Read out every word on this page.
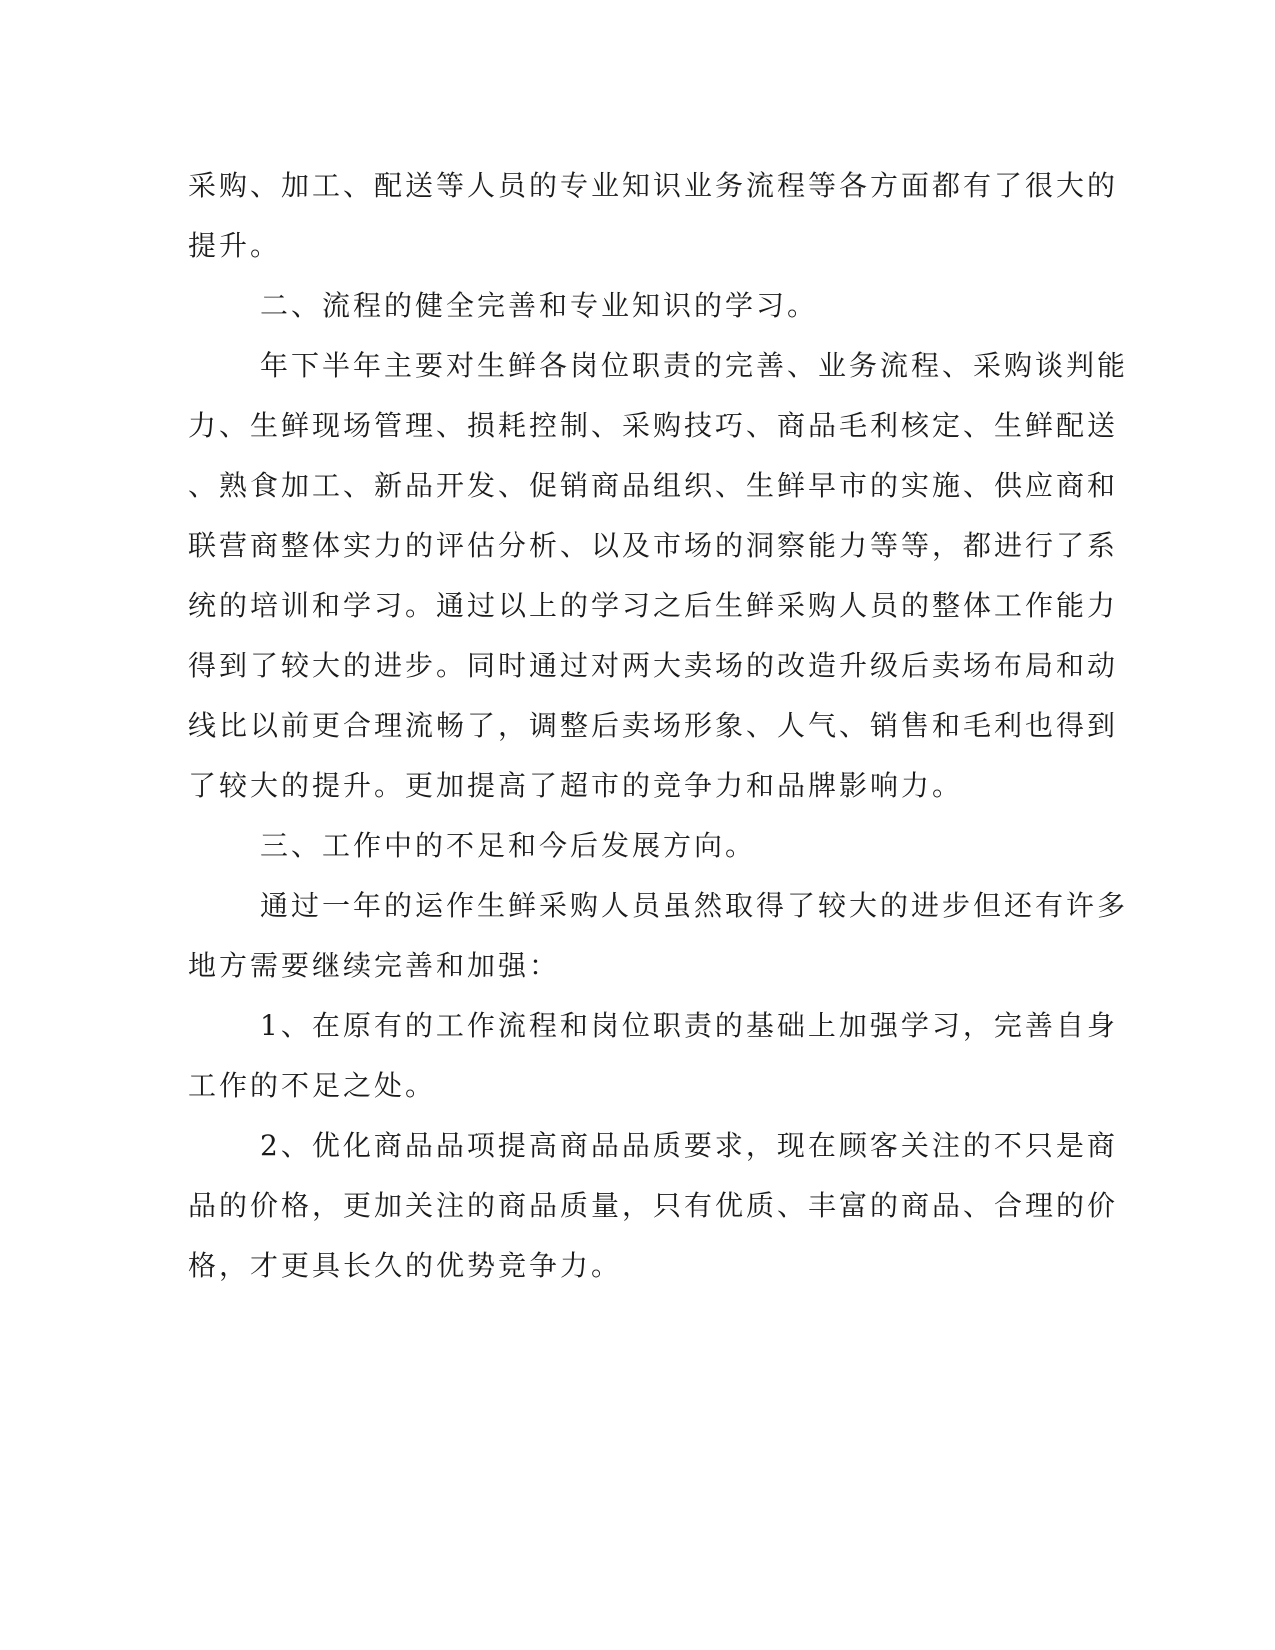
采购、加工、配送等人员的专业知识业务流程等各方面都有了很大的
提升。
二、流程的健全完善和专业知识的学习。
年下半年主要对生鲜各岗位职责的完善、业务流程、采购谈判能
力、生鲜现场管理、损耗控制、采购技巧、商品毛利核定、生鲜配送
、熟食加工、新品开发、促销商品组织、生鲜早市的实施、供应商和
联营商整体实力的评估分析、以及市场的洞察能力等等，都进行了系
统的培训和学习。通过以上的学习之后生鲜采购人员的整体工作能力
得到了较大的进步。同时通过对两大卖场的改造升级后卖场布局和动
线比以前更合理流畅了，调整后卖场形象、人气、销售和毛利也得到
了较大的提升。更加提高了超市的竞争力和品牌影响力。
三、工作中的不足和今后发展方向。
通过一年的运作生鲜采购人员虽然取得了较大的进步但还有许多
地方需要继续完善和加强：
1、在原有的工作流程和岗位职责的基础上加强学习，完善自身
工作的不足之处。
2、优化商品品项提高商品品质要求，现在顾客关注的不只是商
品的价格，更加关注的商品质量，只有优质、丰富的商品、合理的价
格，才更具长久的优势竞争力。
